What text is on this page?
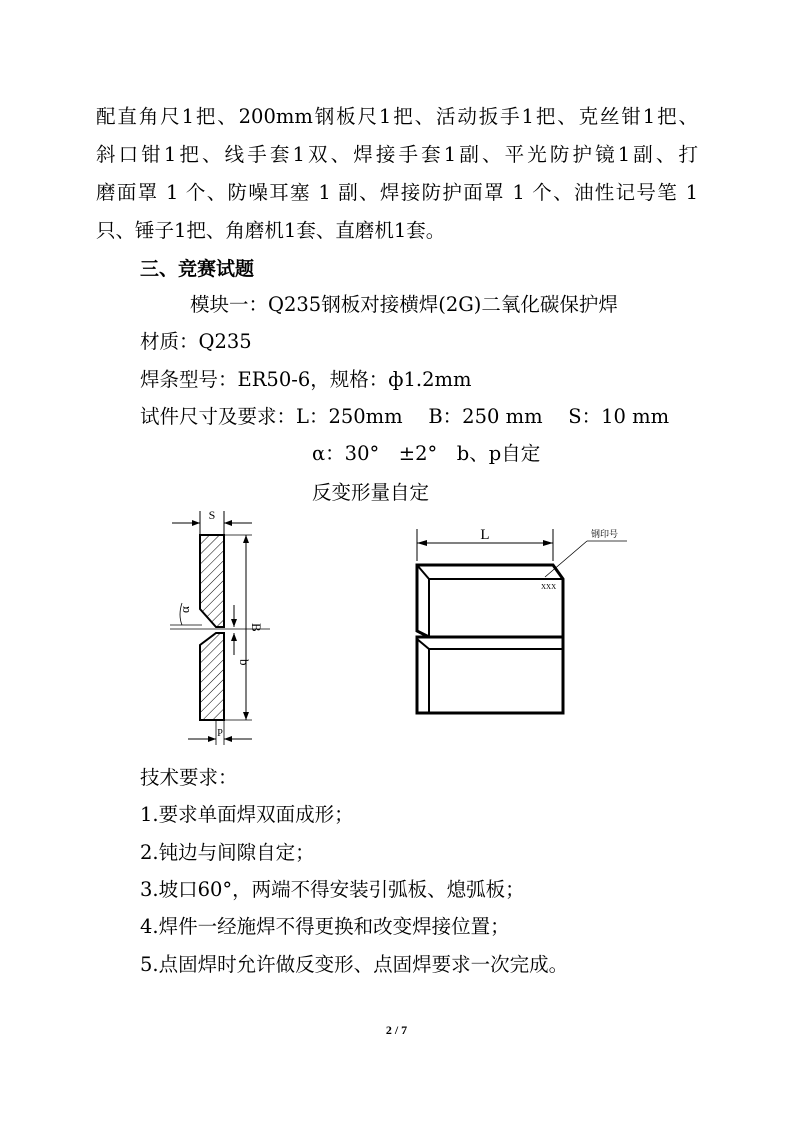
配直角尺1把、200mm钢板尺1把、活动扳手1把、克丝钳1把、
斜口钳1把、线手套1双、焊接手套1副、平光防护镜1副、打
磨面罩 1 个、防噪耳塞 1 副、焊接防护面罩 1 个、油性记号笔 1
只、锤子1把、角磨机1套、直磨机1套。
三、竞赛试题
模块一：Q235钢板对接横焊(2G)二氧化碳保护焊
材质：Q235
焊条型号：ER50-6，规格：ф1.2mm
试件尺寸及要求：L：250mm　 B：250 mm　 S：10 mm
α：30°　±2°　b、p自定
反变形量自定
S
α
B
b
P
L	钢印号
XXX
技术要求：
1.要求单面焊双面成形；
2.钝边与间隙自定；
3.坡口60°，两端不得安装引弧板、熄弧板；
4.焊件一经施焊不得更换和改变焊接位置；
5.点固焊时允许做反变形、点固焊要求一次完成。
2 / 7
